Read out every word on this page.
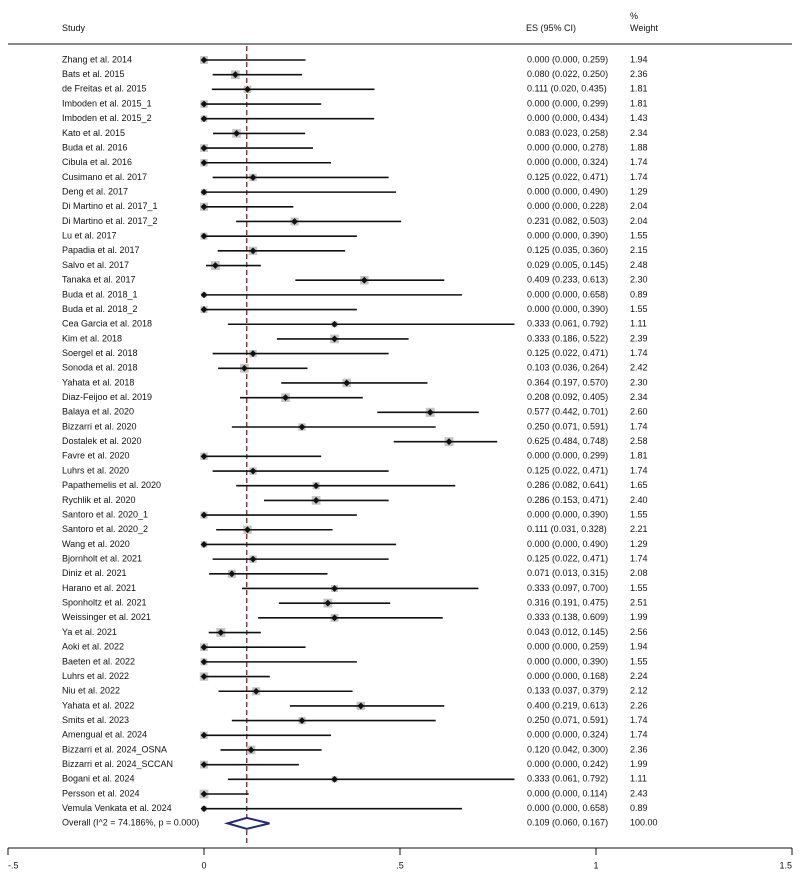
Study	ES (95% CI)
%
Weight
Zhang et al. 2014	0.000 (0.000, 0.259) 1.94
Bats et al. 2015	0.080 (0.022, 0.250) 2.36
de Freitas et al. 2015	0.111 (0.020, 0.435)	1.81
Imboden et al. 2015_1	0.000 (0.000, 0.299) 1.81
Imboden et al. 2015_2	0.000 (0.000, 0.434) 1.43
Kato et al. 2015	0.083 (0.023, 0.258) 2.34
Buda et al. 2016	0.000 (0.000, 0.278) 1.88
Cibula et al. 2016	0.000 (0.000, 0.324) 1.74
Cusimano et al. 2017	0.125 (0.022, 0.471) 1.74
Deng et al. 2017	0.000 (0.000, 0.490) 1.29
Di Martino et al. 2017_1	0.000 (0.000, 0.228) 2.04
Di Martino et al. 2017_2	0.231 (0.082, 0.503) 2.04
Lu et al. 2017	0.000 (0.000, 0.390) 1.55
Papadia et al. 2017	0.125 (0.035, 0.360) 2.15
Salvo et al. 2017	0.029 (0.005, 0.145) 2.48
Tanaka et al. 2017	0.409 (0.233, 0.613) 2.30
Buda et al. 2018_1	0.000 (0.000, 0.658) 0.89
Buda et al. 2018_2	0.000 (0.000, 0.390) 1.55
Cea Garcia et al. 2018	0.333 (0.061, 0.792) 1.11
Kim et al. 2018	0.333 (0.186, 0.522) 2.39
Soergel et al. 2018	0.125 (0.022, 0.471) 1.74
Sonoda et al. 2018	0.103 (0.036, 0.264) 2.42
Yahata et al. 2018	0.364 (0.197, 0.570) 2.30
Diaz-Feijoo et al. 2019	0.208 (0.092, 0.405) 2.34
Balaya et al. 2020	0.577 (0.442, 0.701) 2.60
Bizzarri et al. 2020	0.250 (0.071, 0.591) 1.74
Dostalek et al. 2020	0.625 (0.484, 0.748) 2.58
Favre et al. 2020	0.000 (0.000, 0.299) 1.81
Luhrs et al. 2020	0.125 (0.022, 0.471) 1.74
Papathemelis et al. 2020	0.286 (0.082, 0.641) 1.65
Rychlik et al. 2020	0.286 (0.153, 0.471) 2.40
Santoro et al. 2020_1	0.000 (0.000, 0.390) 1.55
Santoro et al. 2020_2	0.111 (0.031, 0.328)	2.21
Wang et al. 2020	0.000 (0.000, 0.490) 1.29
Bjornholt et al. 2021	0.125 (0.022, 0.471) 1.74
Diniz et al. 2021	0.071 (0.013, 0.315) 2.08
Harano et al. 2021	0.333 (0.097, 0.700) 1.55
Sponholtz et al. 2021	0.316 (0.191, 0.475) 2.51
Weissinger et al. 2021	0.333 (0.138, 0.609) 1.99
Ya et al. 2021	0.043 (0.012, 0.145) 2.56
Aoki et al. 2022	0.000 (0.000, 0.259) 1.94
Baeten et al. 2022	0.000 (0.000, 0.390) 1.55
Luhrs et al. 2022	0.000 (0.000, 0.168) 2.24
Niu et al. 2022	0.133 (0.037, 0.379) 2.12
Yahata et al. 2022	0.400 (0.219, 0.613) 2.26
Smits et al. 2023	0.250 (0.071, 0.591) 1.74
Amengual et al. 2024	0.000 (0.000, 0.324) 1.74
Bizzarri et al. 2024_OSNA	0.120 (0.042, 0.300) 2.36
Bizzarri et al. 2024_SCCAN	0.000 (0.000, 0.242) 1.99
Bogani et al. 2024	0.333 (0.061, 0.792) 1.11
Persson et al. 2024	0.000 (0.000, 0.114)	2.43
Vemula Venkata et al. 2024	0.000 (0.000, 0.658) 0.89
Overall (I^2 = 74.186%, p = 0.000)	0.109 (0.060, 0.167) 100.00
-.5	0	.5	1	1.5
